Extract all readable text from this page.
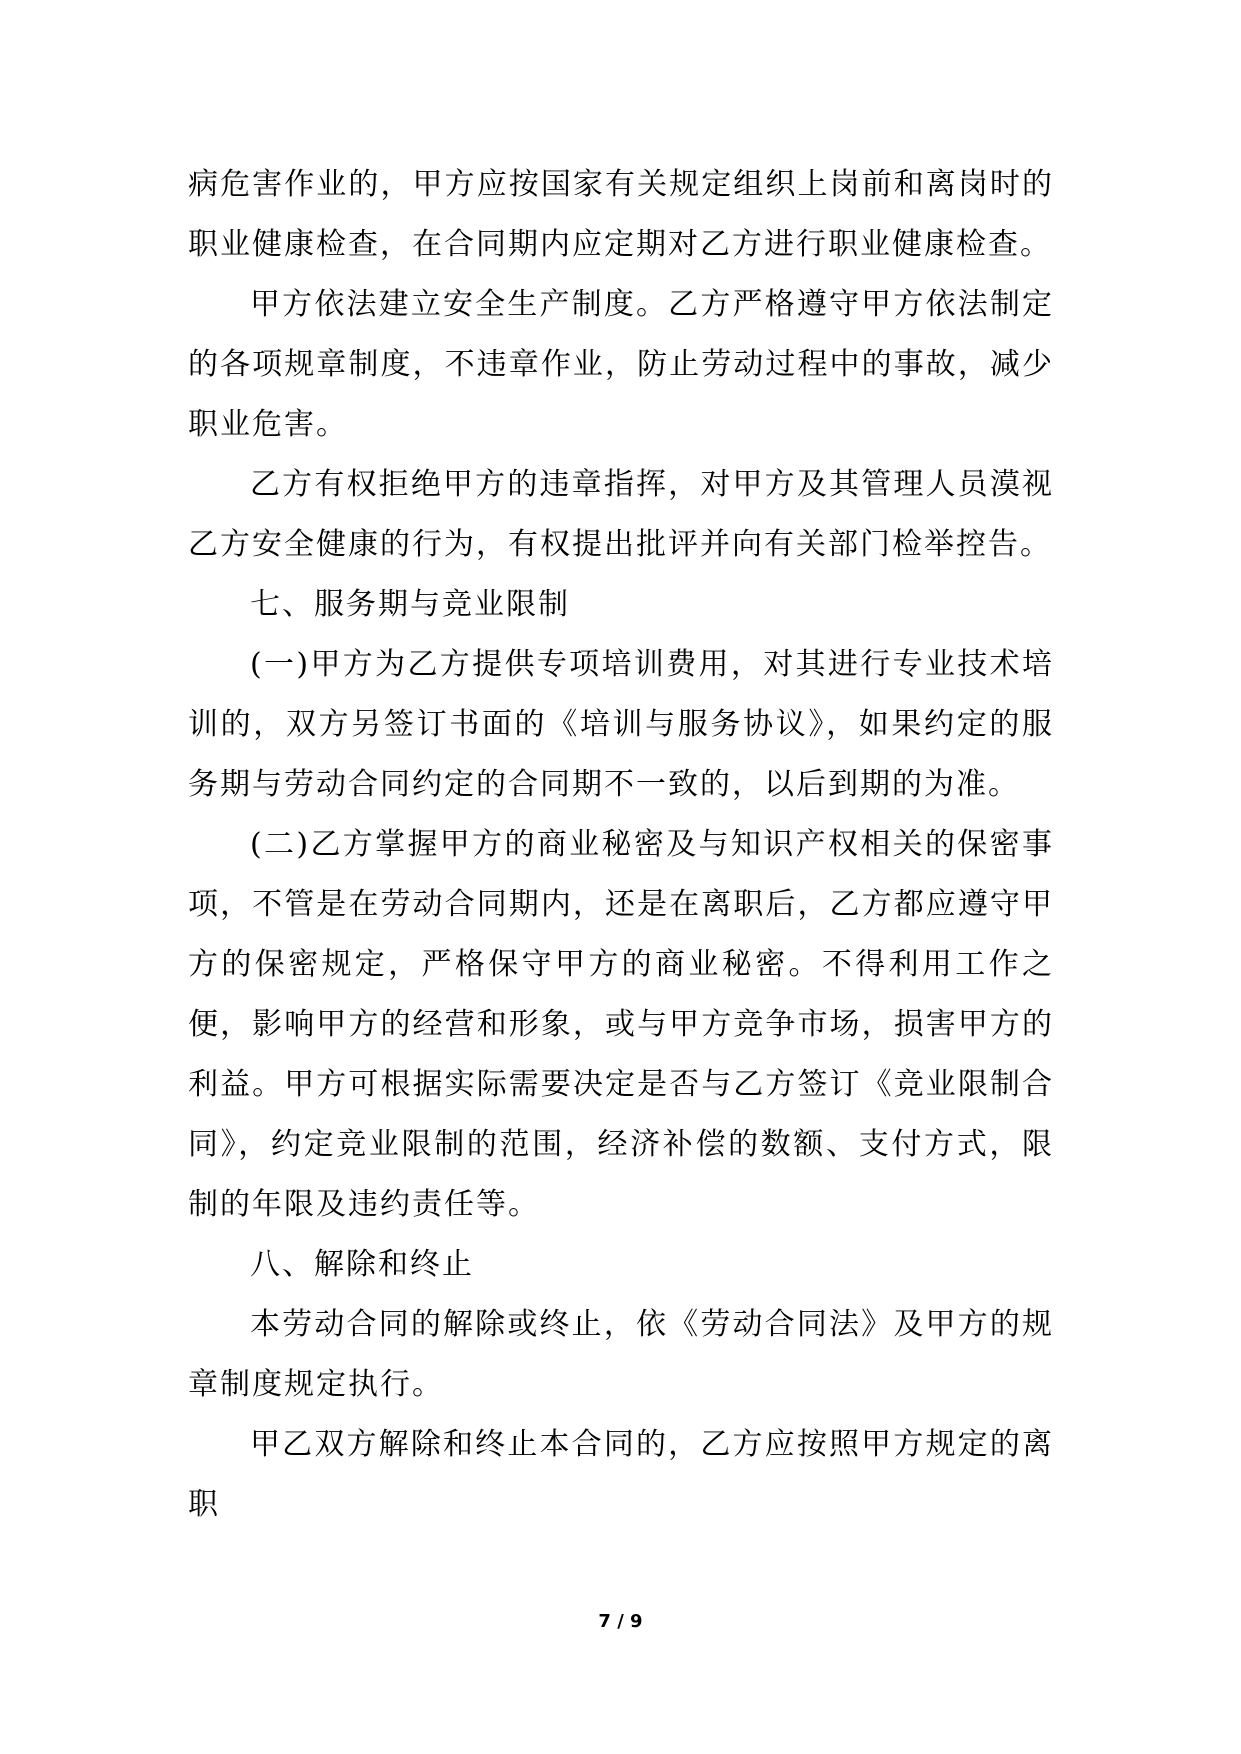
病危害作业的，甲方应按国家有关规定组织上岗前和离岗时的职业健康检查，在合同期内应定期对乙方进行职业健康检查。

甲方依法建立安全生产制度。乙方严格遵守甲方依法制定的各项规章制度，不违章作业，防止劳动过程中的事故，减少职业危害。

乙方有权拒绝甲方的违章指挥，对甲方及其管理人员漠视乙方安全健康的行为，有权提出批评并向有关部门检举控告。

七、服务期与竞业限制

(一)甲方为乙方提供专项培训费用，对其进行专业技术培训的，双方另签订书面的《培训与服务协议》，如果约定的服务期与劳动合同约定的合同期不一致的，以后到期的为准。

(二)乙方掌握甲方的商业秘密及与知识产权相关的保密事项，不管是在劳动合同期内，还是在离职后，乙方都应遵守甲方的保密规定，严格保守甲方的商业秘密。不得利用工作之便，影响甲方的经营和形象，或与甲方竞争市场，损害甲方的利益。甲方可根据实际需要决定是否与乙方签订《竞业限制合同》，约定竞业限制的范围，经济补偿的数额、支付方式，限制的年限及违约责任等。

八、解除和终止

本劳动合同的解除或终止，依《劳动合同法》及甲方的规章制度规定执行。

甲乙双方解除和终止本合同的，乙方应按照甲方规定的离职

7 / 9
